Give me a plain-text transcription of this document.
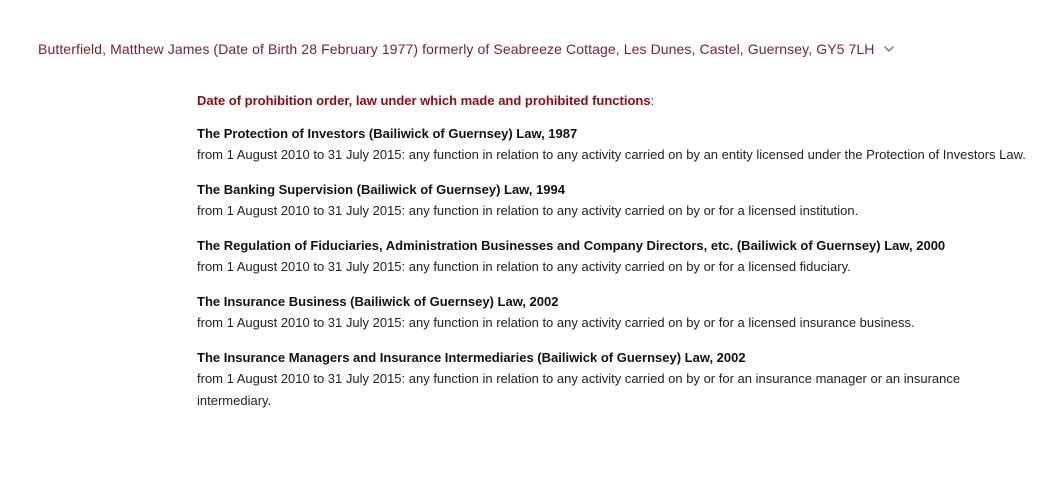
Butterfield, Matthew James (Date of Birth 28 February 1977) formerly of Seabreeze Cottage, Les Dunes, Castel, Guernsey, GY5 7LH
Date of prohibition order, law under which made and prohibited functions:
The Protection of Investors (Bailiwick of Guernsey) Law, 1987
from 1 August 2010 to 31 July 2015: any function in relation to any activity carried on by an entity licensed under the Protection of Investors Law.
The Banking Supervision (Bailiwick of Guernsey) Law, 1994
from 1 August 2010 to 31 July 2015: any function in relation to any activity carried on by or for a licensed institution.
The Regulation of Fiduciaries, Administration Businesses and Company Directors, etc. (Bailiwick of Guernsey) Law, 2000
from 1 August 2010 to 31 July 2015: any function in relation to any activity carried on by or for a licensed fiduciary.
The Insurance Business (Bailiwick of Guernsey) Law, 2002
from 1 August 2010 to 31 July 2015: any function in relation to any activity carried on by or for a licensed insurance business.
The Insurance Managers and Insurance Intermediaries (Bailiwick of Guernsey) Law, 2002
from 1 August 2010 to 31 July 2015: any function in relation to any activity carried on by or for an insurance manager or an insurance intermediary.
